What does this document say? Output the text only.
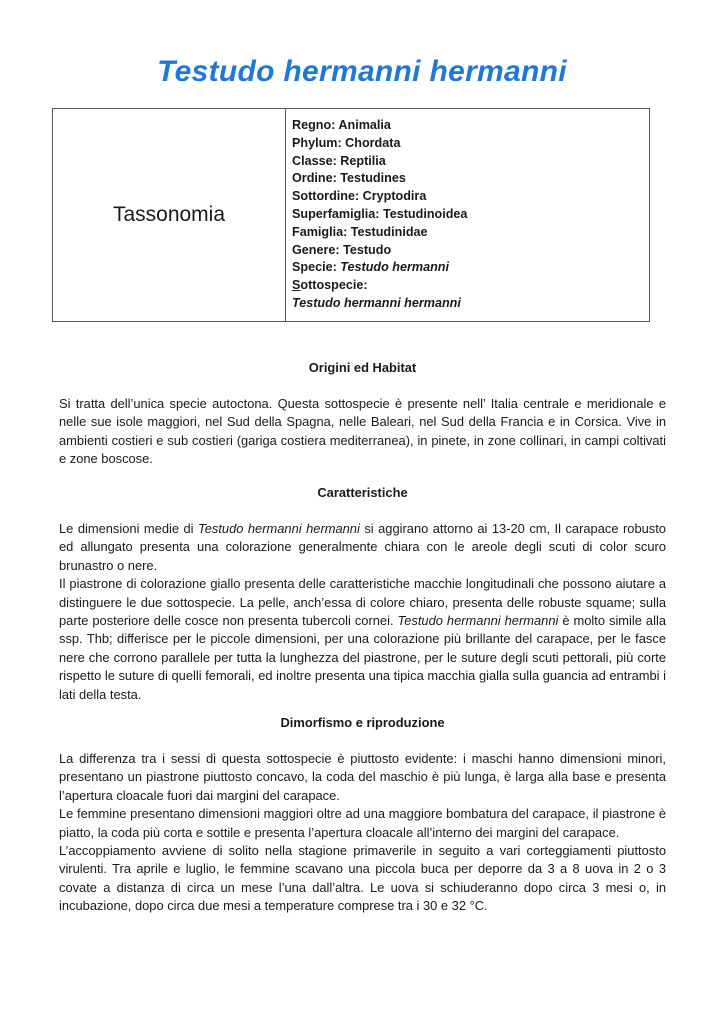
Testudo hermanni hermanni
Tassonomia	
Regno: Animalia
Phylum: Chordata
Classe: Reptilia
Ordine: Testudines
Sottordine: Cryptodira
Superfamiglia: Testudinoidea
Famiglia: Testudinidae
Genere: Testudo
Specie: Testudo hermanni
Sottospecie:
Testudo hermanni hermanni
Origini ed Habitat

Si tratta dell’unica specie autoctona. Questa sottospecie è presente nell’ Italia centrale e meridionale e nelle sue isole maggiori, nel Sud della Spagna, nelle Baleari, nel Sud della Francia e in Corsica. Vive in ambienti costieri e sub costieri (gariga costiera mediterranea), in pinete, in zone collinari, in campi coltivati e zone boscose.

Caratteristiche

Le dimensioni medie di Testudo hermanni hermanni si aggirano attorno ai 13-20 cm, Il carapace robusto ed allungato presenta una colorazione generalmente chiara con le areole degli scuti di color scuro brunastro o nere.

Il piastrone di colorazione giallo presenta delle caratteristiche macchie longitudinali che possono aiutare a distinguere le due sottospecie. La pelle, anch’essa di colore chiaro, presenta delle robuste squame; sulla parte posteriore delle cosce non presenta tubercoli cornei. Testudo hermanni hermanni è molto simile alla ssp. Thb; differisce per le piccole dimensioni, per una colorazione più brillante del carapace, per le fasce nere che corrono parallele per tutta la lunghezza del piastrone, per le suture degli scuti pettorali, più corte rispetto le suture di quelli femorali, ed inoltre presenta una tipica macchia gialla sulla guancia ad entrambi i lati della testa.

Dimorfismo e riproduzione

La differenza tra i sessi di questa sottospecie è piuttosto evidente: i maschi hanno dimensioni minori, presentano un piastrone piuttosto concavo, la coda del maschio è più lunga, è larga alla base e presenta l’apertura cloacale fuori dai margini del carapace.

Le femmine presentano dimensioni maggiori oltre ad una maggiore bombatura del carapace, il piastrone è piatto, la coda più corta e sottile e presenta l’apertura cloacale all’interno dei margini del carapace.

L’accoppiamento avviene di solito nella stagione primaverile in seguito a vari corteggiamenti piuttosto virulenti. Tra aprile e luglio, le femmine scavano una piccola buca per deporre da 3 a 8 uova in 2 o 3 covate a distanza di circa un mese l’una dall’altra. Le uova si schiuderanno dopo circa 3 mesi o, in incubazione, dopo circa due mesi a temperature comprese tra i 30 e 32 °C.
